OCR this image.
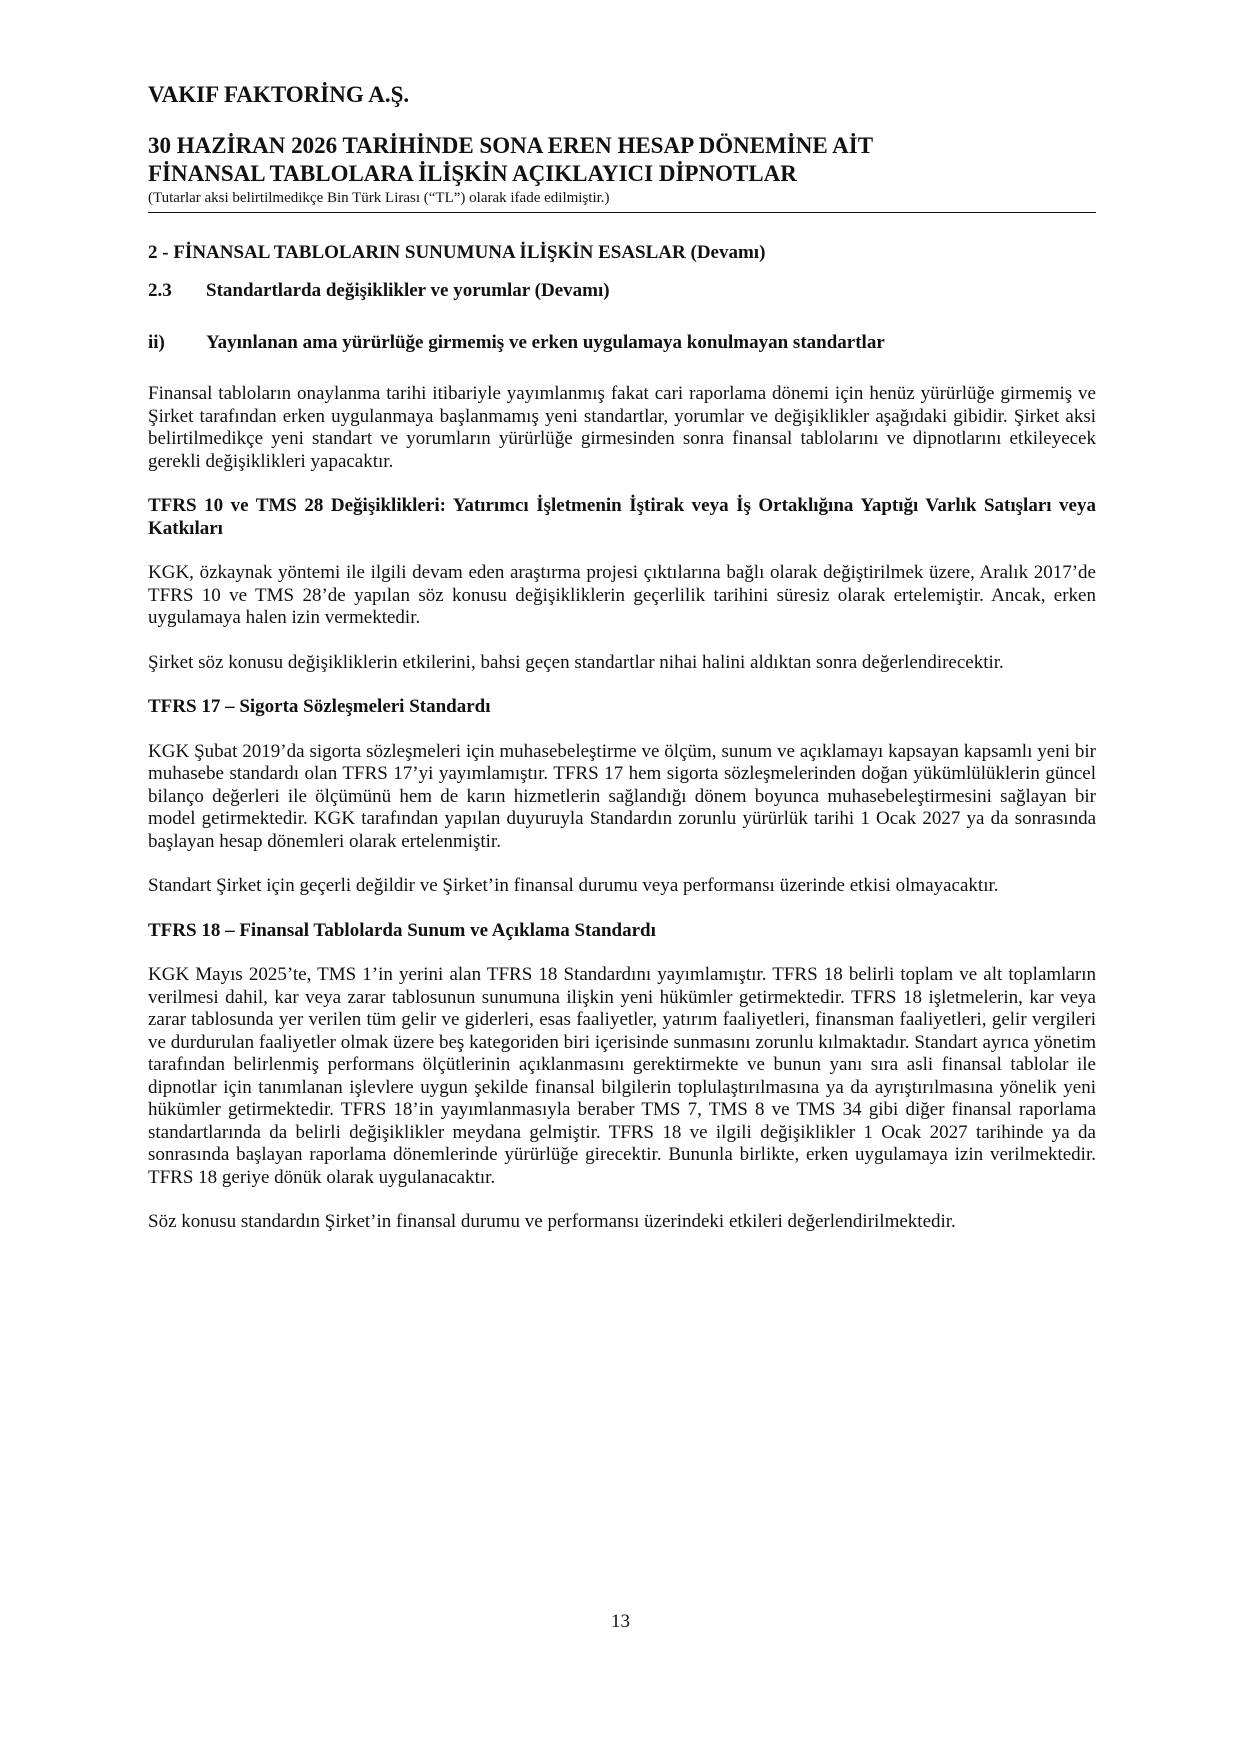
VAKIF FAKTORİNG A.Ş.
30 HAZİRAN 2026 TARİHİNDE SONA EREN HESAP DÖNEMİNE AİT
FİNANSAL TABLOLARA İLİŞKİN AÇIKLAYICI DİPNOTLAR
(Tutarlar aksi belirtilmedikçe Bin Türk Lirası (“TL”) olarak ifade edilmiştir.)
2 - FİNANSAL TABLOLARIN SUNUMUNA İLİŞKİN ESASLAR (Devamı)
2.3	Standartlarda değişiklikler ve yorumlar (Devamı)
ii)	Yayınlanan ama yürürlüğe girmemiş ve erken uygulamaya konulmayan standartlar

Finansal tabloların onaylanma tarihi itibariyle yayımlanmış fakat cari raporlama dönemi için henüz yürürlüğe girmemiş ve Şirket tarafından erken uygulanmaya başlanmamış yeni standartlar, yorumlar ve değişiklikler aşağıdaki gibidir. Şirket aksi belirtilmedikçe yeni standart ve yorumların yürürlüğe girmesinden sonra finansal tablolarını ve dipnotlarını etkileyecek gerekli değişiklikleri yapacaktır.

TFRS 10 ve TMS 28 Değişiklikleri: Yatırımcı İşletmenin İştirak veya İş Ortaklığına Yaptığı Varlık Satışları veya Katkıları

KGK, özkaynak yöntemi ile ilgili devam eden araştırma projesi çıktılarına bağlı olarak değiştirilmek üzere, Aralık 2017’de TFRS 10 ve TMS 28’de yapılan söz konusu değişikliklerin geçerlilik tarihini süresiz olarak ertelemiştir. Ancak, erken uygulamaya halen izin vermektedir.

Şirket söz konusu değişikliklerin etkilerini, bahsi geçen standartlar nihai halini aldıktan sonra değerlendirecektir.

TFRS 17 – Sigorta Sözleşmeleri Standardı

KGK Şubat 2019’da sigorta sözleşmeleri için muhasebeleştirme ve ölçüm, sunum ve açıklamayı kapsayan kapsamlı yeni bir muhasebe standardı olan TFRS 17’yi yayımlamıştır. TFRS 17 hem sigorta sözleşmelerinden doğan yükümlülüklerin güncel bilanço değerleri ile ölçümünü hem de karın hizmetlerin sağlandığı dönem boyunca muhasebeleştirmesini sağlayan bir model getirmektedir. KGK tarafından yapılan duyuruyla Standardın zorunlu yürürlük tarihi 1 Ocak 2027 ya da sonrasında başlayan hesap dönemleri olarak ertelenmiştir.

Standart Şirket için geçerli değildir ve Şirket’in finansal durumu veya performansı üzerinde etkisi olmayacaktır.

TFRS 18 – Finansal Tablolarda Sunum ve Açıklama Standardı

KGK Mayıs 2025’te, TMS 1’in yerini alan TFRS 18 Standardını yayımlamıştır. TFRS 18 belirli toplam ve alt toplamların verilmesi dahil, kar veya zarar tablosunun sunumuna ilişkin yeni hükümler getirmektedir. TFRS 18 işletmelerin, kar veya zarar tablosunda yer verilen tüm gelir ve giderleri, esas faaliyetler, yatırım faaliyetleri, finansman faaliyetleri, gelir vergileri ve durdurulan faaliyetler olmak üzere beş kategoriden biri içerisinde sunmasını zorunlu kılmaktadır. Standart ayrıca yönetim tarafından belirlenmiş performans ölçütlerinin açıklanmasını gerektirmekte ve bunun yanı sıra asli finansal tablolar ile dipnotlar için tanımlanan işlevlere uygun şekilde finansal bilgilerin toplulaştırılmasına ya da ayrıştırılmasına yönelik yeni hükümler getirmektedir. TFRS 18’in yayımlanmasıyla beraber TMS 7, TMS 8 ve TMS 34 gibi diğer finansal raporlama standartlarında da belirli değişiklikler meydana gelmiştir. TFRS 18 ve ilgili değişiklikler 1 Ocak 2027 tarihinde ya da sonrasında başlayan raporlama dönemlerinde yürürlüğe girecektir. Bununla birlikte, erken uygulamaya izin verilmektedir. TFRS 18 geriye dönük olarak uygulanacaktır.

Söz konusu standardın Şirket’in finansal durumu ve performansı üzerindeki etkileri değerlendirilmektedir.

13
